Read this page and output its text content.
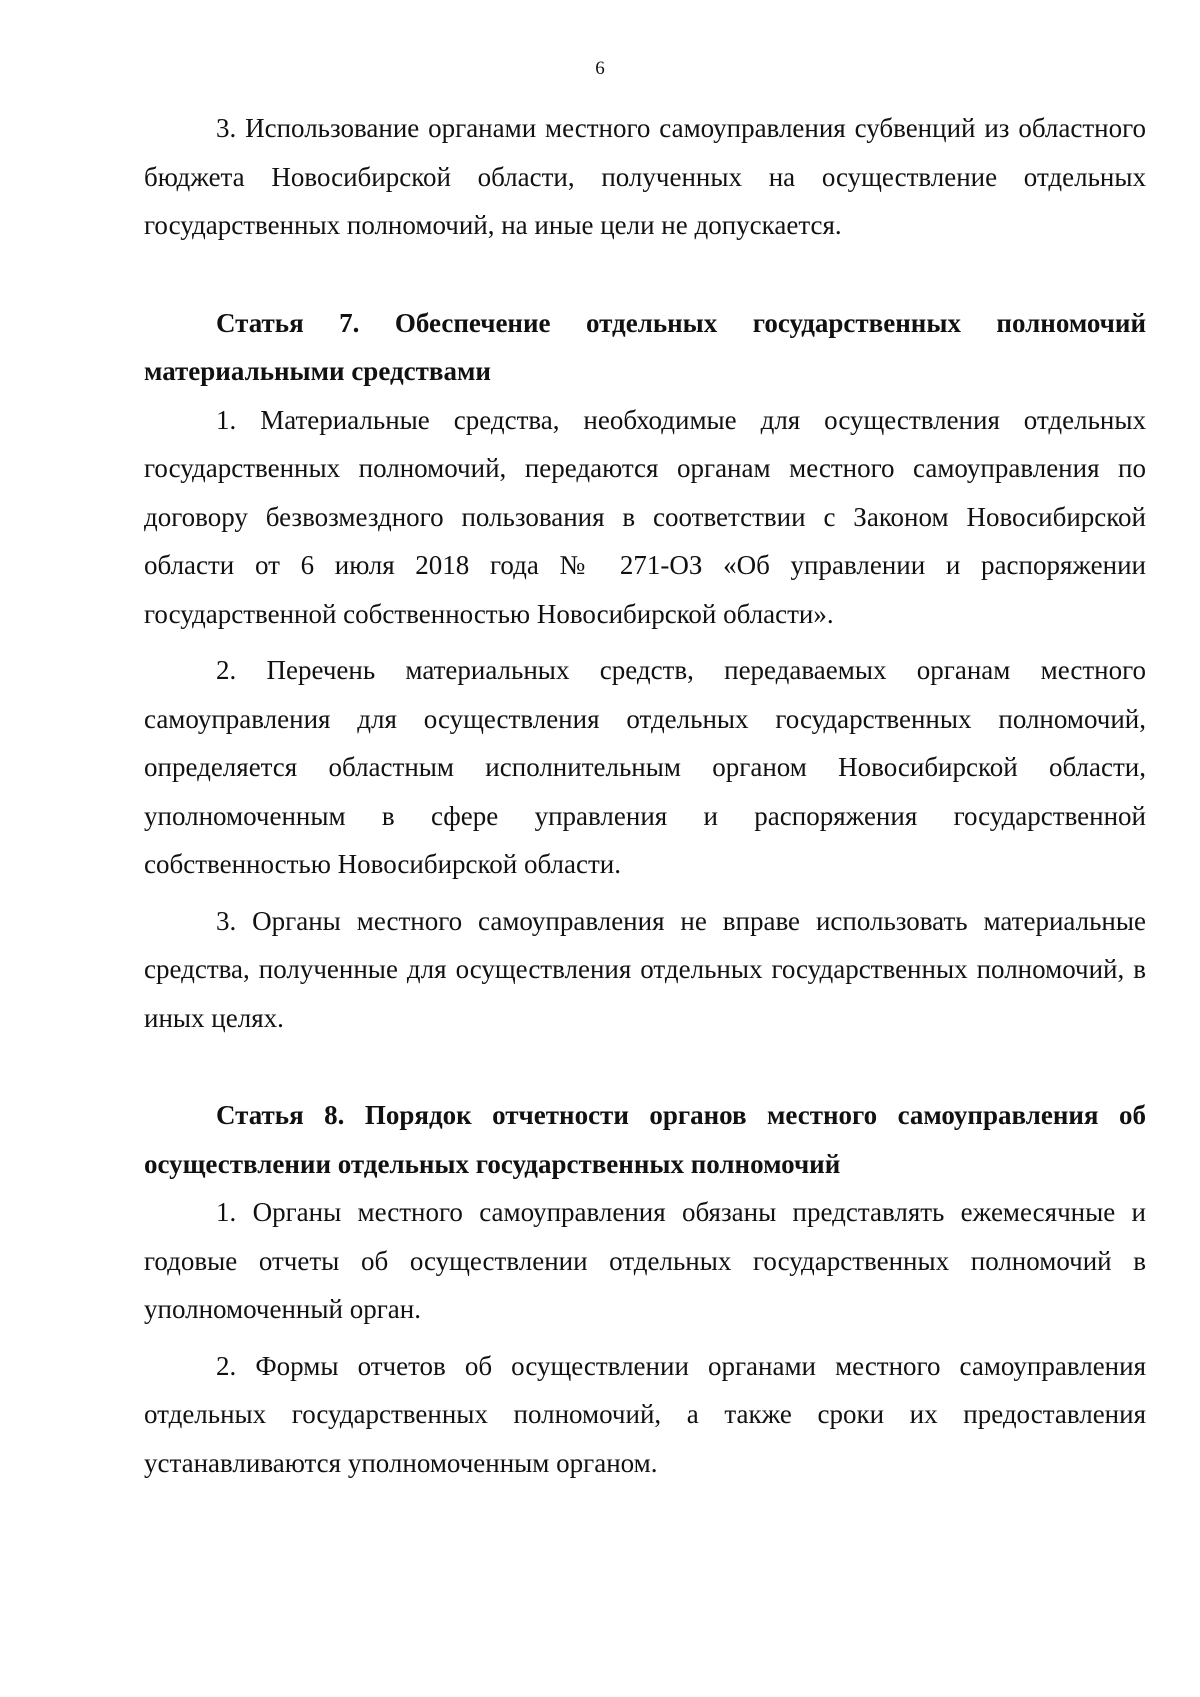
6

3. Использование органами местного самоуправления субвенций из областного бюджета Новосибирской области, полученных на осуществление отдельных государственных полномочий, на иные цели не допускается.

Статья 7. Обеспечение отдельных государственных полномочий материальными средствами

1. Материальные средства, необходимые для осуществления отдельных государственных полномочий, передаются органам местного самоуправления по договору безвозмездного пользования в соответствии с Законом Новосибирской области от 6 июля 2018 года № 271-ОЗ «Об управлении и распоряжении государственной собственностью Новосибирской области».

2. Перечень материальных средств, передаваемых органам местного самоуправления для осуществления отдельных государственных полномочий, определяется областным исполнительным органом Новосибирской области, уполномоченным в сфере управления и распоряжения государственной собственностью Новосибирской области.

3. Органы местного самоуправления не вправе использовать материальные средства, полученные для осуществления отдельных государственных полномочий, в иных целях.

Статья 8. Порядок отчетности органов местного самоуправления об осуществлении отдельных государственных полномочий

1. Органы местного самоуправления обязаны представлять ежемесячные и годовые отчеты об осуществлении отдельных государственных полномочий в уполномоченный орган.

2. Формы отчетов об осуществлении органами местного самоуправления отдельных государственных полномочий, а также сроки их предоставления устанавливаются уполномоченным органом.
